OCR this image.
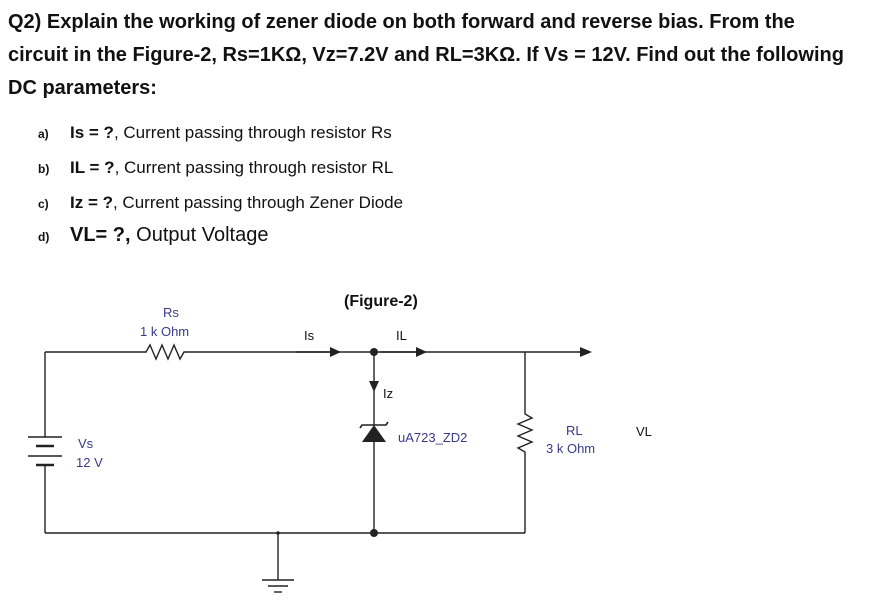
Q2) Explain the working of zener diode on both forward and reverse bias. From the

circuit in the Figure-2, Rs=1KΩ, Vz=7.2V and RL=3KΩ. If Vs = 12V. Find out the following

DC parameters:

a) Is = ?, Current passing through resistor Rs
b) IL = ?, Current passing through resistor RL
c) Iz = ?, Current passing through Zener Diode
d) VL= ?, Output Voltage
(Figure-2)
Rs
1 k Ohm
Vs
12 V
Is	IL
Iz
uA723_ZD2	RL
3 k Ohm
VL
